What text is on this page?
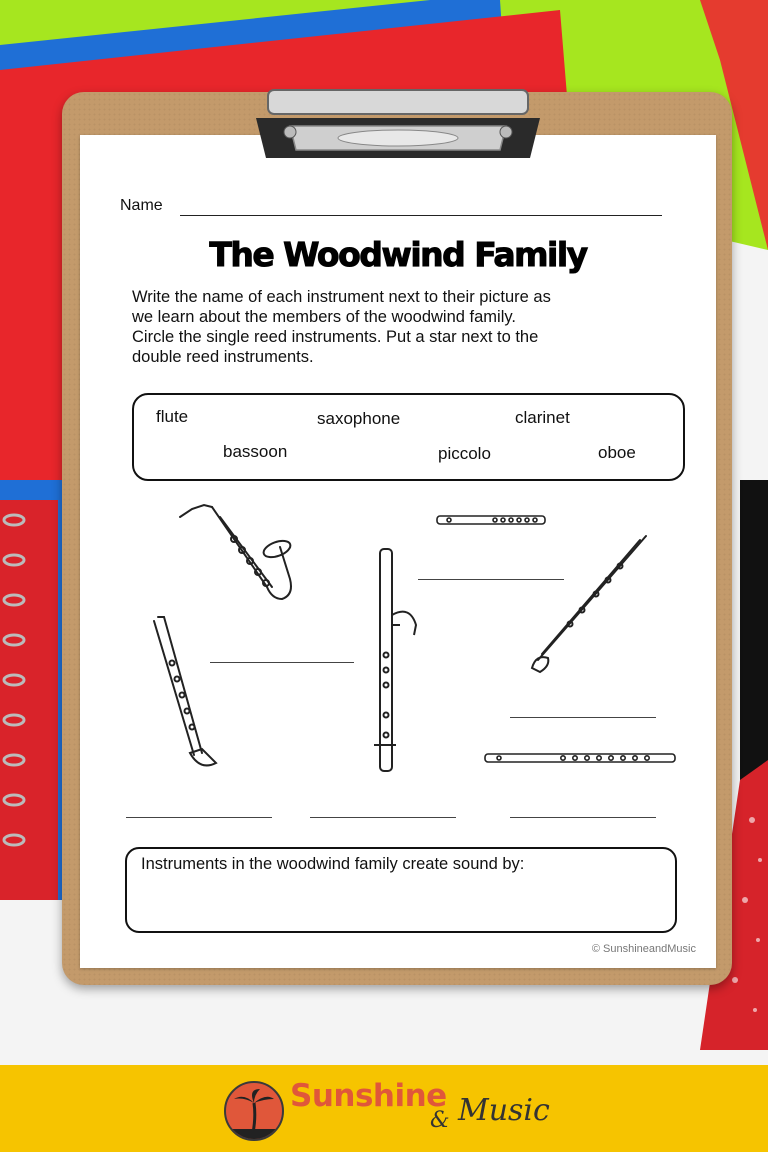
Name
The Woodwind Family

Write the name of each instrument next to their picture as

we learn about the members of the woodwind family.

Circle the single reed instruments. Put a star next to the

double reed instruments.

flute	saxophone	clarinet
bassoon	piccolo	oboe
Instruments in the woodwind family create sound by:
© SunshineandMusic
Sunshine
& Music
